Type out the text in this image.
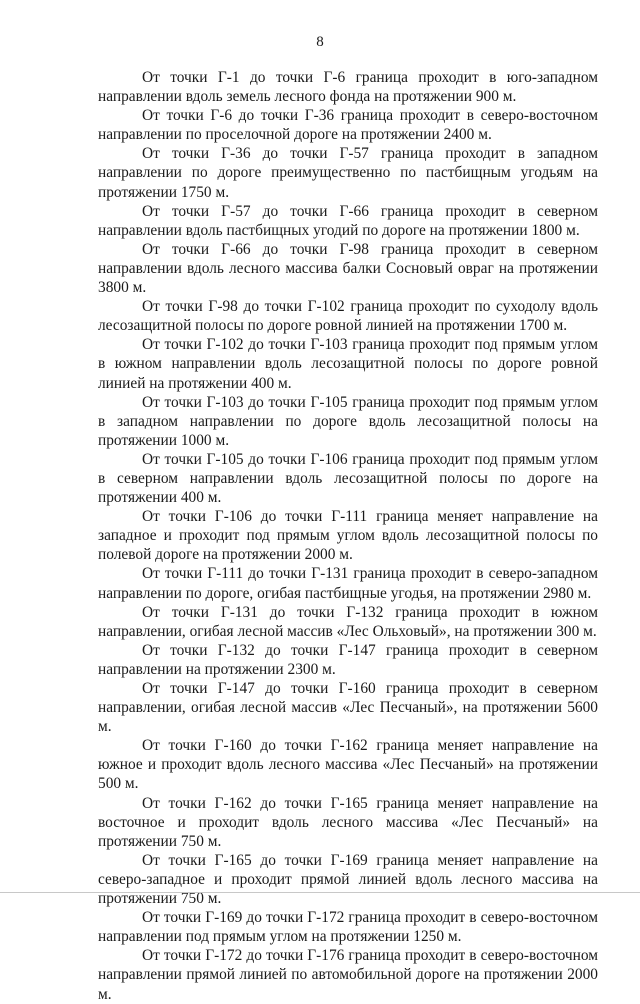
8

От точки Г-1 до точки Г-6 граница проходит в юго-западном направлении вдоль земель лесного фонда на протяжении 900 м.

От точки Г-6 до точки Г-36 граница проходит в северо-восточном направлении по проселочной дороге на протяжении 2400 м.

От точки Г-36 до точки Г-57 граница проходит в западном направлении по дороге преимущественно по пастбищным угодьям на протяжении 1750 м.

От точки Г-57 до точки Г-66 граница проходит в северном направлении вдоль пастбищных угодий по дороге на протяжении 1800 м.

От точки Г-66 до точки Г-98 граница проходит в северном направлении вдоль лесного массива балки Сосновый овраг на протяжении 3800 м.

От точки Г-98 до точки Г-102 граница проходит по суходолу вдоль лесозащитной полосы по дороге ровной линией на протяжении 1700 м.

От точки Г-102 до точки Г-103 граница проходит под прямым углом в южном направлении вдоль лесозащитной полосы по дороге ровной линией на протяжении 400 м.

От точки Г-103 до точки Г-105 граница проходит под прямым углом в западном направлении по дороге вдоль лесозащитной полосы на протяжении 1000 м.

От точки Г-105 до точки Г-106 граница проходит под прямым углом в северном направлении вдоль лесозащитной полосы по дороге на протяжении 400 м.

От точки Г-106 до точки Г-111 граница меняет направление на западное и проходит под прямым углом вдоль лесозащитной полосы по полевой дороге на протяжении 2000 м.

От точки Г-111 до точки Г-131 граница проходит в северо-западном направлении по дороге, огибая пастбищные угодья, на протяжении 2980 м.

От точки Г-131 до точки Г-132 граница проходит в южном направлении, огибая лесной массив «Лес Ольховый», на протяжении 300 м.

От точки Г-132 до точки Г-147 граница проходит в северном направлении на протяжении 2300 м.

От точки Г-147 до точки Г-160 граница проходит в северном направлении, огибая лесной массив «Лес Песчаный», на протяжении 5600 м.

От точки Г-160 до точки Г-162 граница меняет направление на южное и проходит вдоль лесного массива «Лес Песчаный» на протяжении 500 м.

От точки Г-162 до точки Г-165 граница меняет направление на восточное и проходит вдоль лесного массива «Лес Песчаный» на протяжении 750 м.

От точки Г-165 до точки Г-169 граница меняет направление на северо-западное и проходит прямой линией вдоль лесного массива на протяжении 750 м.

От точки Г-169 до точки Г-172 граница проходит в северо-восточном направлении под прямым углом на протяжении 1250 м.

От точки Г-172 до точки Г-176 граница проходит в северо-восточном направлении прямой линией по автомобильной дороге на протяжении 2000 м.
